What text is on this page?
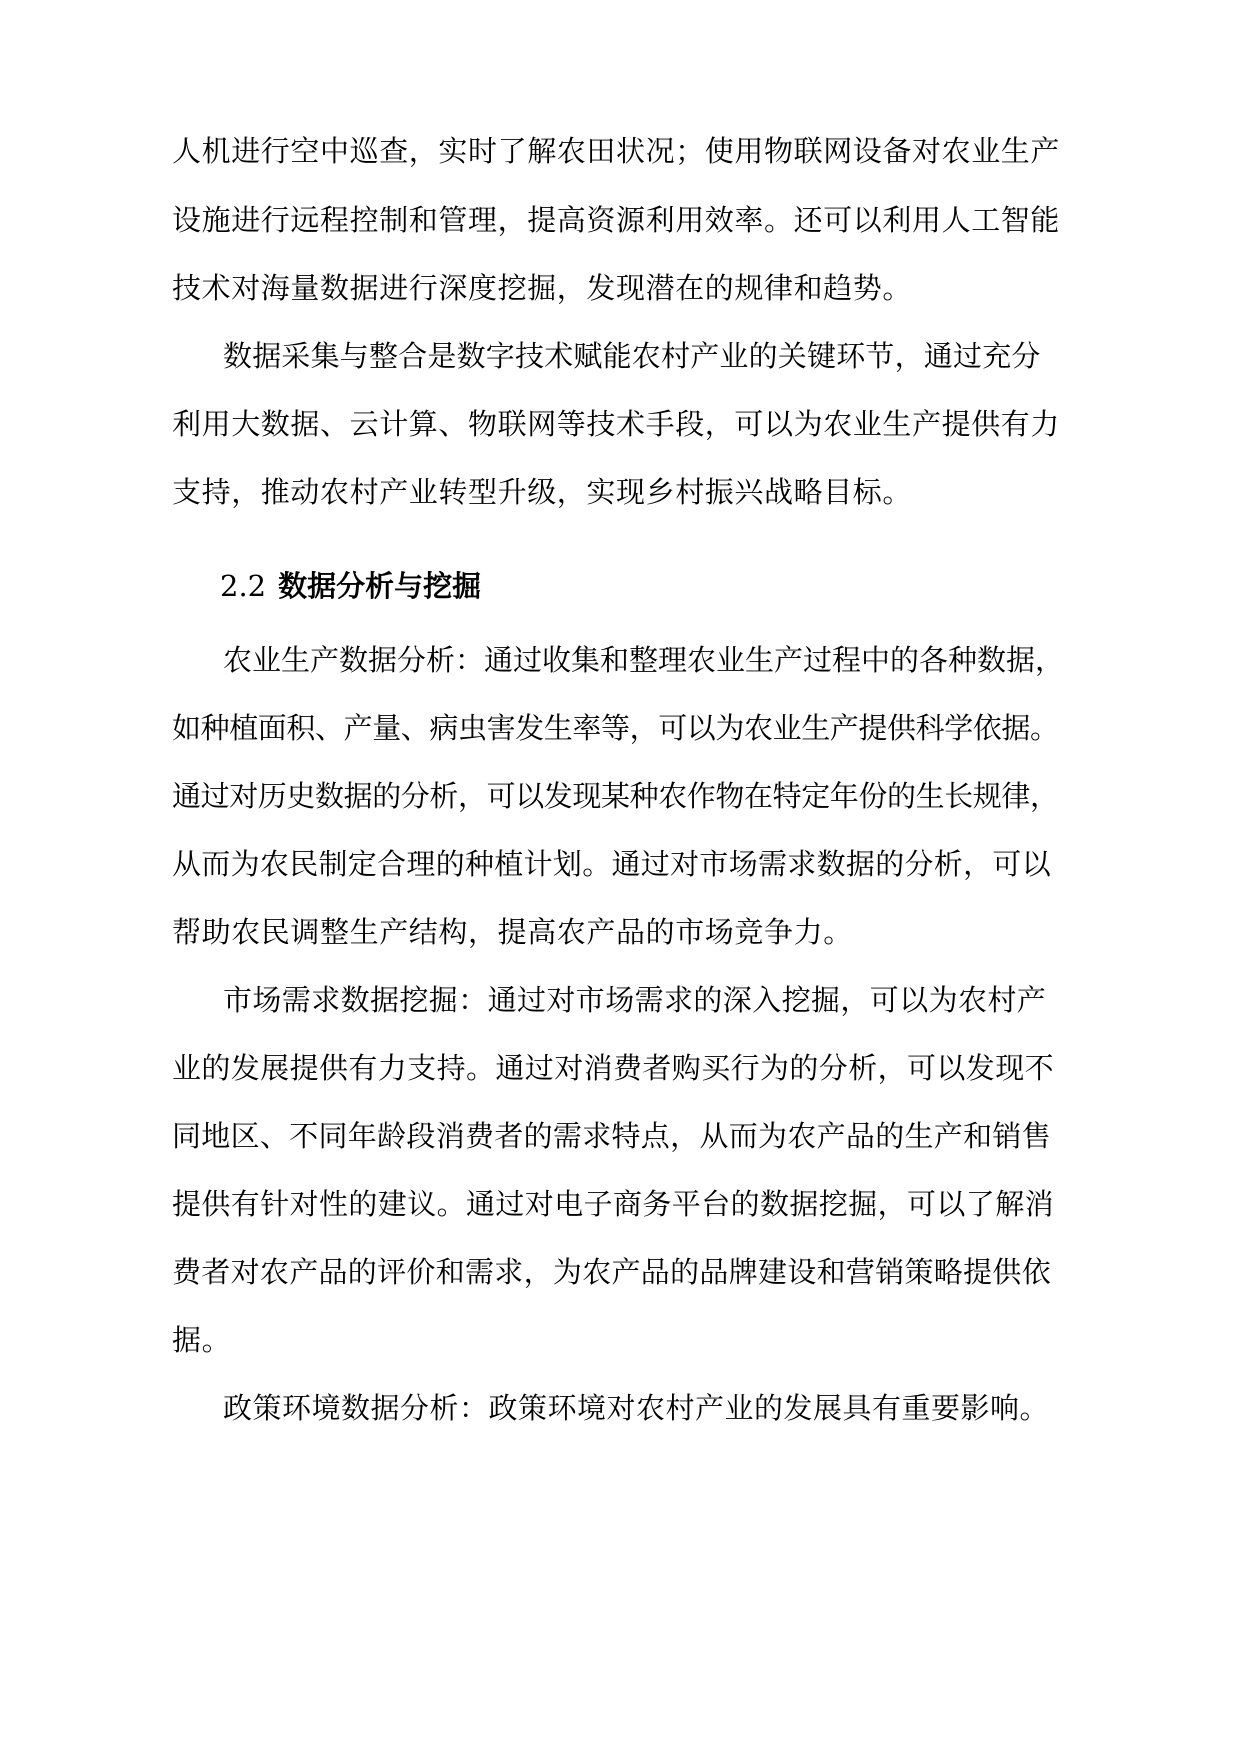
人机进行空中巡查，实时了解农田状况；使用物联网设备对农业生产
设施进行远程控制和管理，提高资源利用效率。还可以利用人工智能
技术对海量数据进行深度挖掘，发现潜在的规律和趋势。
数据采集与整合是数字技术赋能农村产业的关键环节，通过充分
利用大数据、云计算、物联网等技术手段，可以为农业生产提供有力
支持，推动农村产业转型升级，实现乡村振兴战略目标。
2.2 数据分析与挖掘
农业生产数据分析：通过收集和整理农业生产过程中的各种数据，
如种植面积、产量、病虫害发生率等，可以为农业生产提供科学依据。
通过对历史数据的分析，可以发现某种农作物在特定年份的生长规律，
从而为农民制定合理的种植计划。通过对市场需求数据的分析，可以
帮助农民调整生产结构，提高农产品的市场竞争力。
市场需求数据挖掘：通过对市场需求的深入挖掘，可以为农村产
业的发展提供有力支持。通过对消费者购买行为的分析，可以发现不
同地区、不同年龄段消费者的需求特点，从而为农产品的生产和销售
提供有针对性的建议。通过对电子商务平台的数据挖掘，可以了解消
费者对农产品的评价和需求，为农产品的品牌建设和营销策略提供依
据。
政策环境数据分析：政策环境对农村产业的发展具有重要影响。
